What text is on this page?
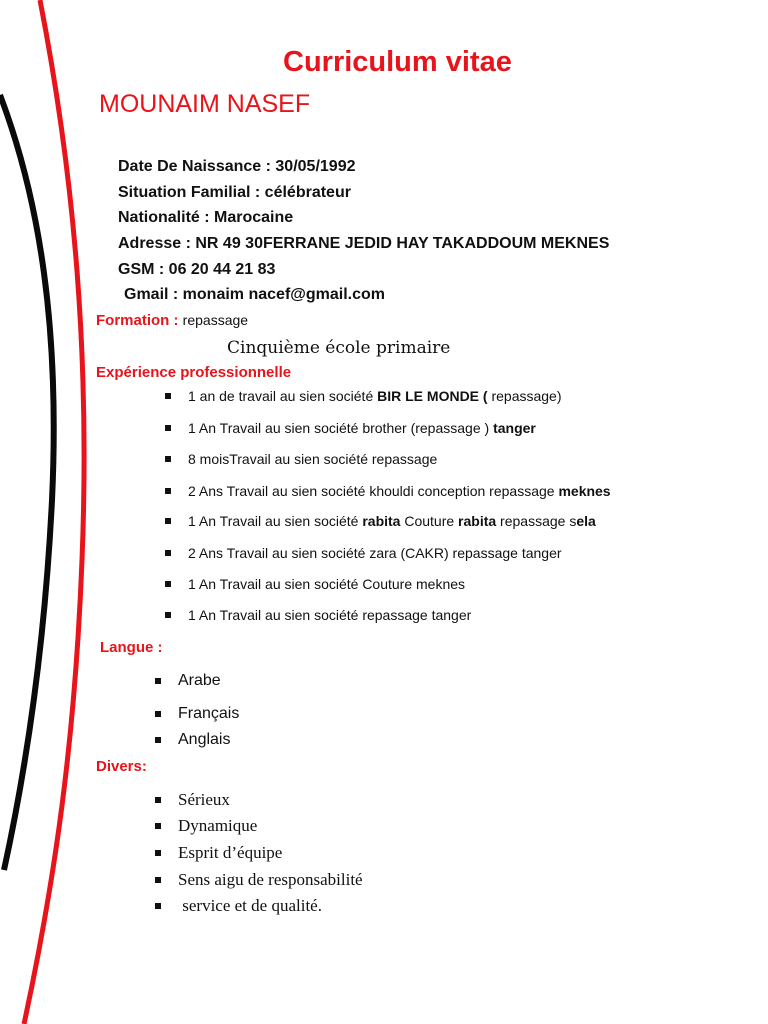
Curriculum vitae
MOUNAIM NASEF
Date De Naissance : 30/05/1992
Situation Familial : célébrateur
Nationalité : Marocaine
Adresse : NR 49 30FERRANE JEDID HAY TAKADDOUM MEKNES
GSM : 06 20 44 21 83
Gmail : monaim nacef@gmail.com
Formation : repassage
Cinquième école primaire
Expérience professionnelle
1 an de travail au sien société BIR LE MONDE ( repassage)
1 An Travail au sien société brother (repassage ) tanger
8 moisTravail au sien société repassage
2 Ans Travail au sien société khouldi conception repassage meknes
1 An Travail au sien société rabita Couture rabita repassage sela
2 Ans Travail au sien société zara (CAKR) repassage tanger
1 An Travail au sien société Couture meknes
1 An Travail au sien société repassage tanger
Langue :
Arabe
Français
Anglais
Divers:
Sérieux
Dynamique
Esprit d’équipe
Sens aigu de responsabilité
service et de qualité.
